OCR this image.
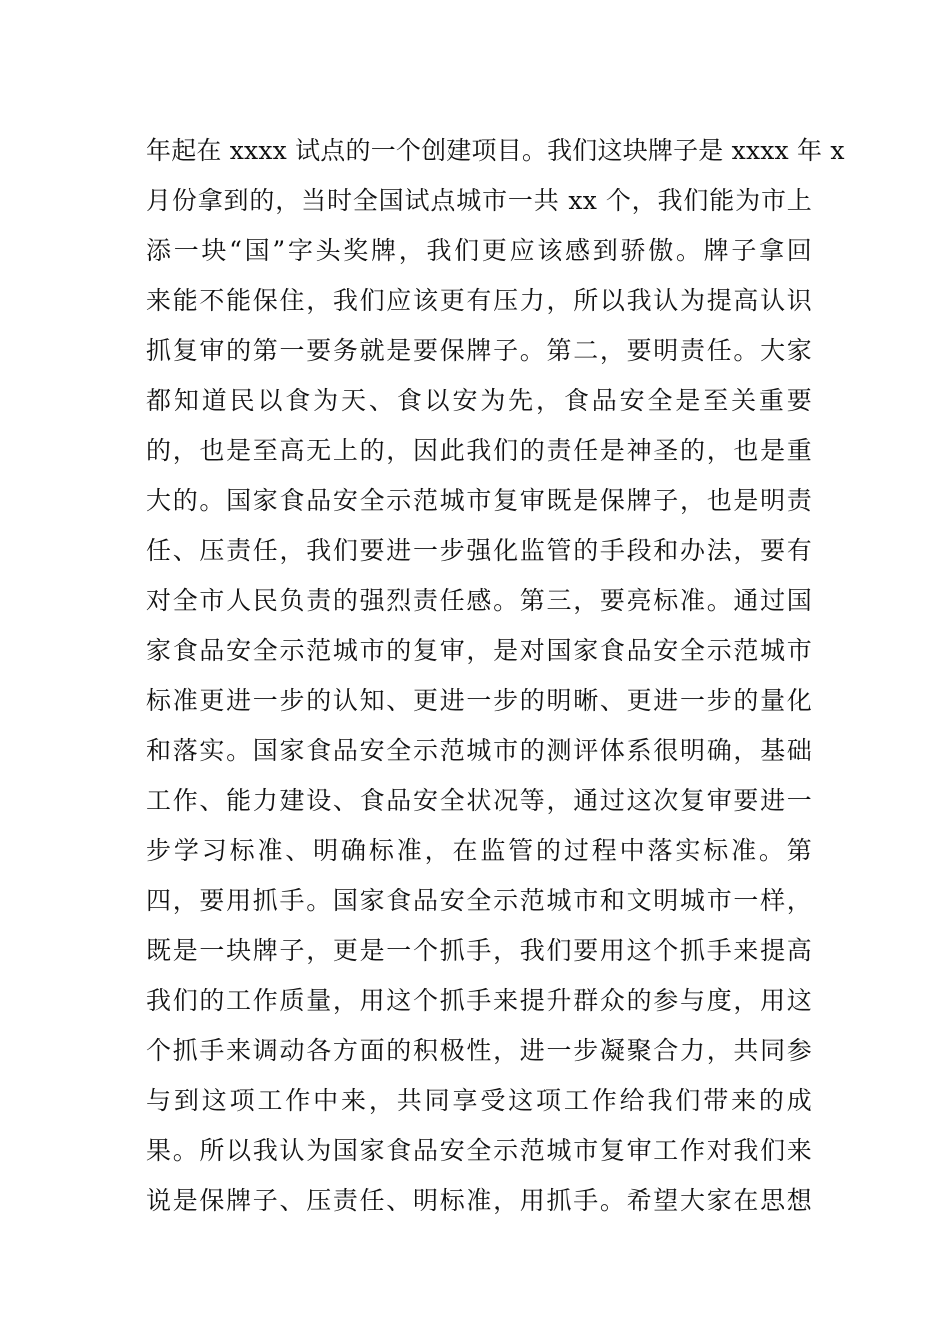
年起在 xxxx 试点的一个创建项目。我们这块牌子是 xxxx 年 x
月份拿到的，当时全国试点城市一共 xx 个，我们能为市上
添一块“国”字头奖牌，我们更应该感到骄傲。牌子拿回
来能不能保住，我们应该更有压力，所以我认为提高认识
抓复审的第一要务就是要保牌子。第二，要明责任。大家
都知道民以食为天、食以安为先，食品安全是至关重要
的，也是至高无上的，因此我们的责任是神圣的，也是重
大的。国家食品安全示范城市复审既是保牌子，也是明责
任、压责任，我们要进一步强化监管的手段和办法，要有
对全市人民负责的强烈责任感。第三，要亮标准。通过国
家食品安全示范城市的复审，是对国家食品安全示范城市
标准更进一步的认知、更进一步的明晰、更进一步的量化
和落实。国家食品安全示范城市的测评体系很明确，基础
工作、能力建设、食品安全状况等，通过这次复审要进一
步学习标准、明确标准，在监管的过程中落实标准。第
四，要用抓手。国家食品安全示范城市和文明城市一样，
既是一块牌子，更是一个抓手，我们要用这个抓手来提高
我们的工作质量，用这个抓手来提升群众的参与度，用这
个抓手来调动各方面的积极性，进一步凝聚合力，共同参
与到这项工作中来，共同享受这项工作给我们带来的成
果。所以我认为国家食品安全示范城市复审工作对我们来
说是保牌子、压责任、明标准，用抓手。希望大家在思想
